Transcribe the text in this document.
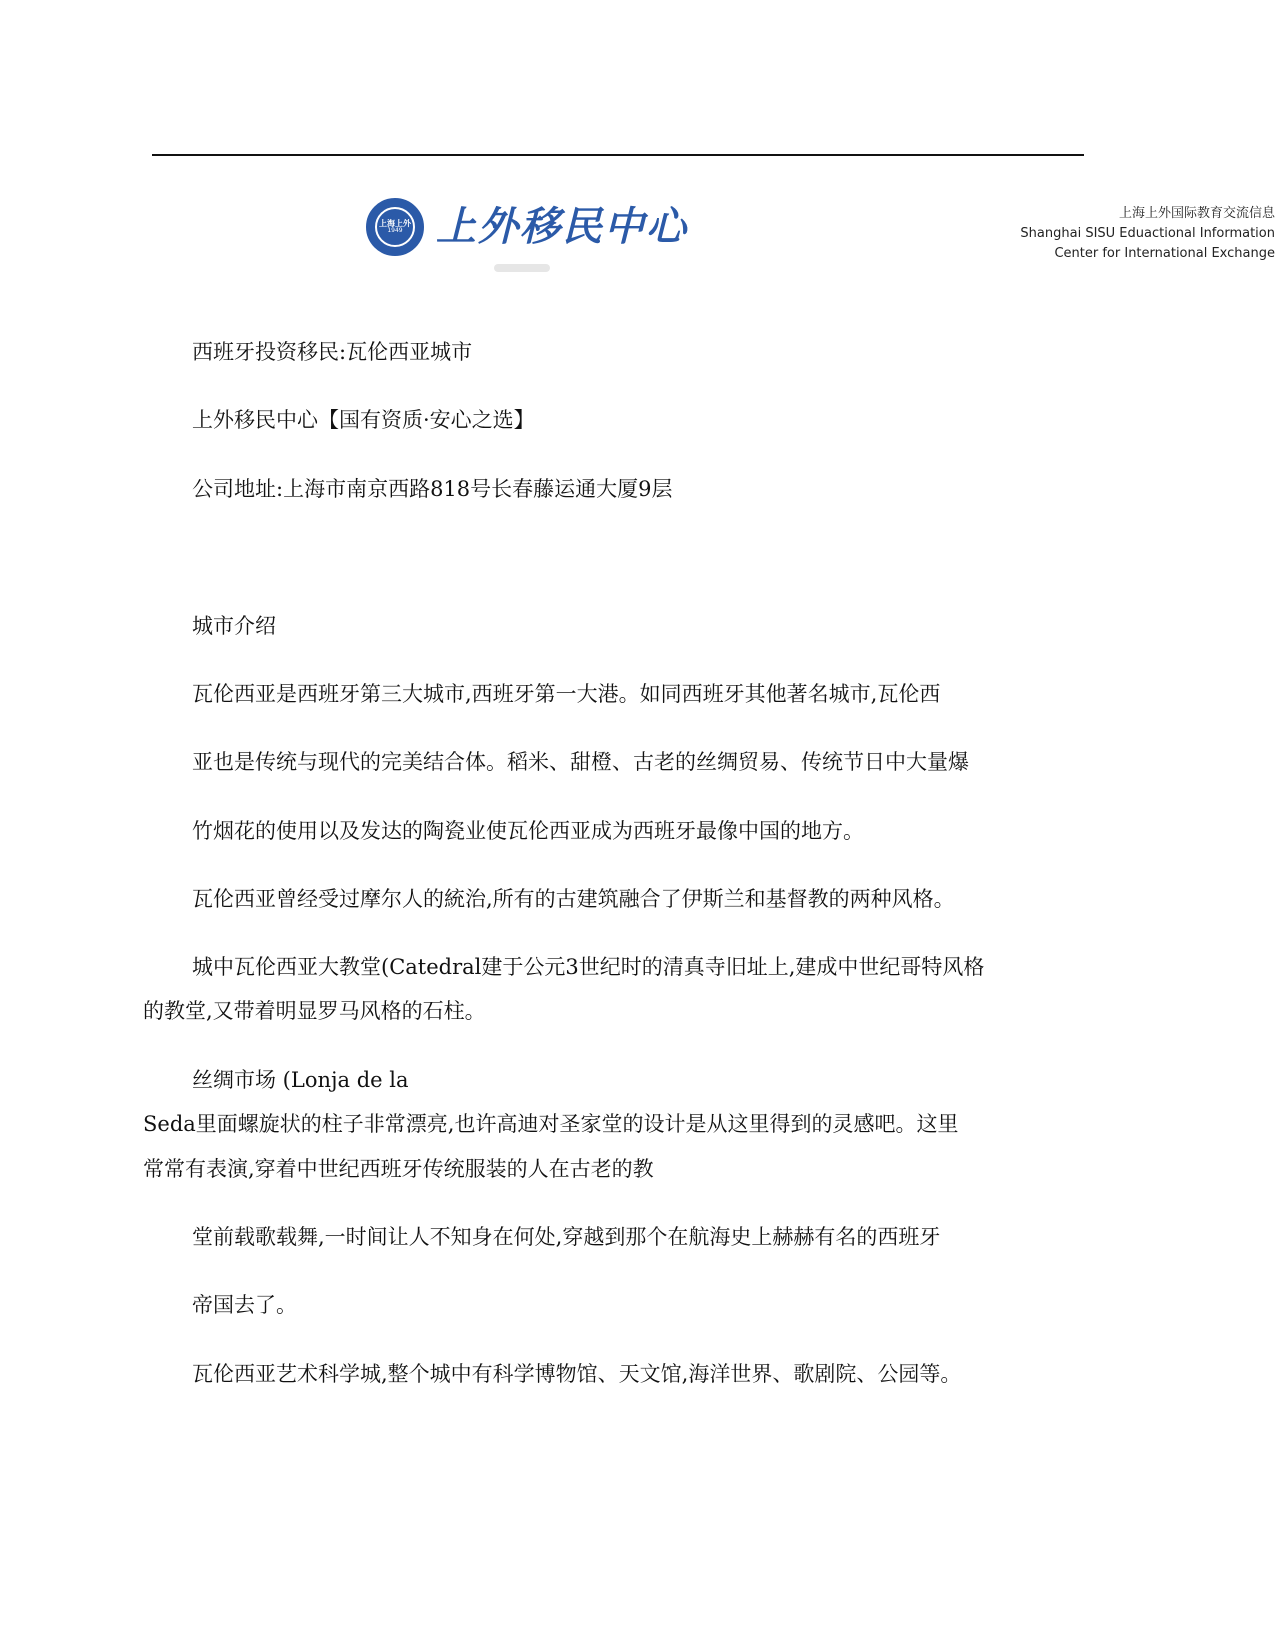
上海上外
1949 上外移民中心	上海上外国际教育交流信息
Shanghai SISU Eduactional Information
Center for International Exchange

西班牙投资移民:瓦伦西亚城市

上外移民中心【国有资质·安心之选】

公司地址:上海市南京西路818号长春藤运通大厦9层

城市介绍

瓦伦西亚是西班牙第三大城市,西班牙第一大港。如同西班牙其他著名城市,瓦伦西

亚也是传统与现代的完美结合体。稻米、甜橙、古老的丝绸贸易、传统节日中大量爆

竹烟花的使用以及发达的陶瓷业使瓦伦西亚成为西班牙最像中国的地方。

瓦伦西亚曾经受过摩尔人的統治,所有的古建筑融合了伊斯兰和基督教的两种风格。

城中瓦伦西亚大教堂(Catedral建于公元3世纪时的清真寺旧址上,建成中世纪哥特风格

的教堂,又带着明显罗马风格的石柱。

丝绸市场 (Lonja de la

Seda里面螺旋状的柱子非常漂亮,也许高迪对圣家堂的设计是从这里得到的灵感吧。这里

常常有表演,穿着中世纪西班牙传统服装的人在古老的教

堂前载歌载舞,一时间让人不知身在何处,穿越到那个在航海史上赫赫有名的西班牙

帝国去了。

瓦伦西亚艺术科学城,整个城中有科学博物馆、天文馆,海洋世界、歌剧院、公园等。
